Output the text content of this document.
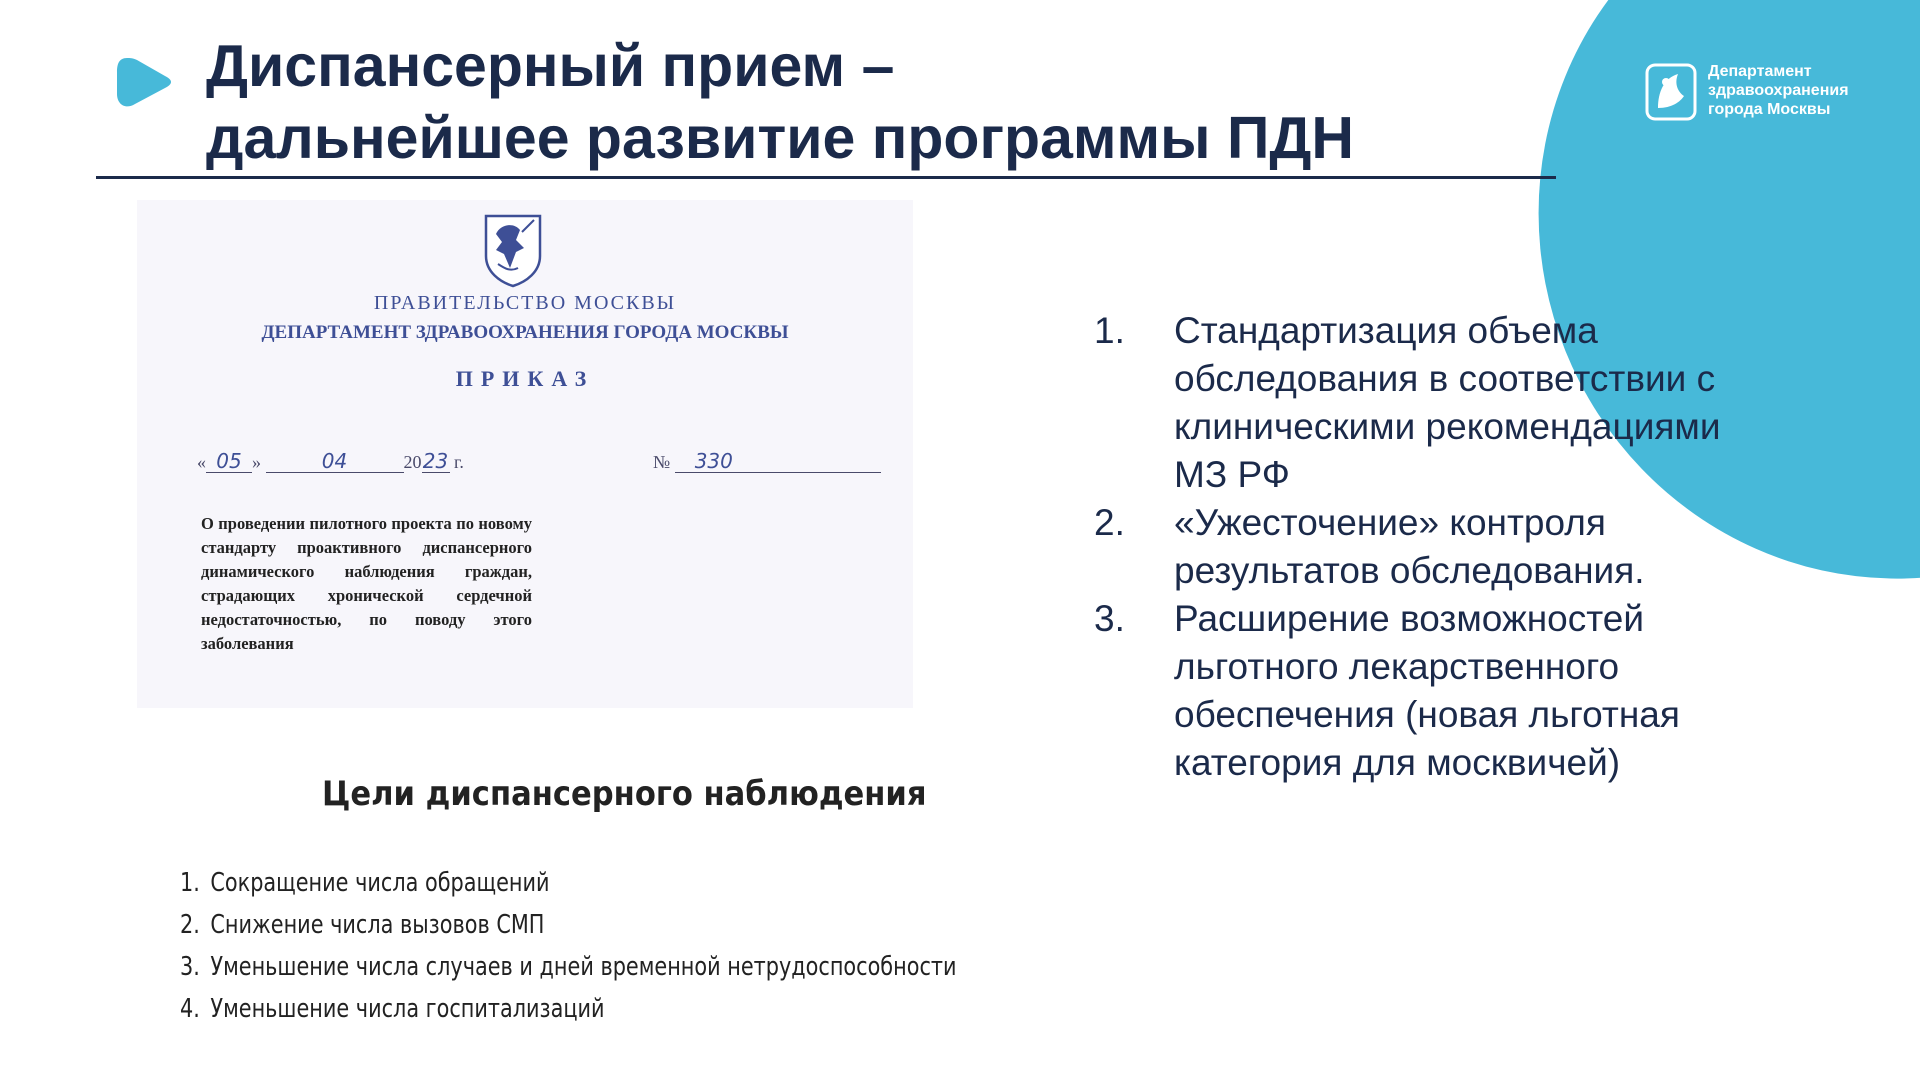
Диспансерный прием –
дальнейшее развитие программы ПДН
Департамент
здравоохранения
города Москвы
ПРАВИТЕЛЬСТВО МОСКВЫ
ДЕПАРТАМЕНТ ЗДРАВООХРАНЕНИЯ ГОРОДА МОСКВЫ
ПРИКАЗ
« 05 »	04	2023 г.	№ 330
О проведении пилотного проекта по новому стандарту проактивного диспансерного динамического наблюдения граждан, страдающих хронической сердечной недостаточностью, по поводу этого заболевания
Цели диспансерного наблюдения
1. Сокращение числа обращений
2. Снижение числа вызовов СМП
3. Уменьшение числа случаев и дней временной нетрудоспособности
4. Уменьшение числа госпитализаций
1.	Стандартизация объема обследования в соответствии с клиническими рекомендациями МЗ РФ
2.	«Ужесточение» контроля результатов обследования.
3.	Расширение возможностей льготного лекарственного обеспечения (новая льготная категория для москвичей)
